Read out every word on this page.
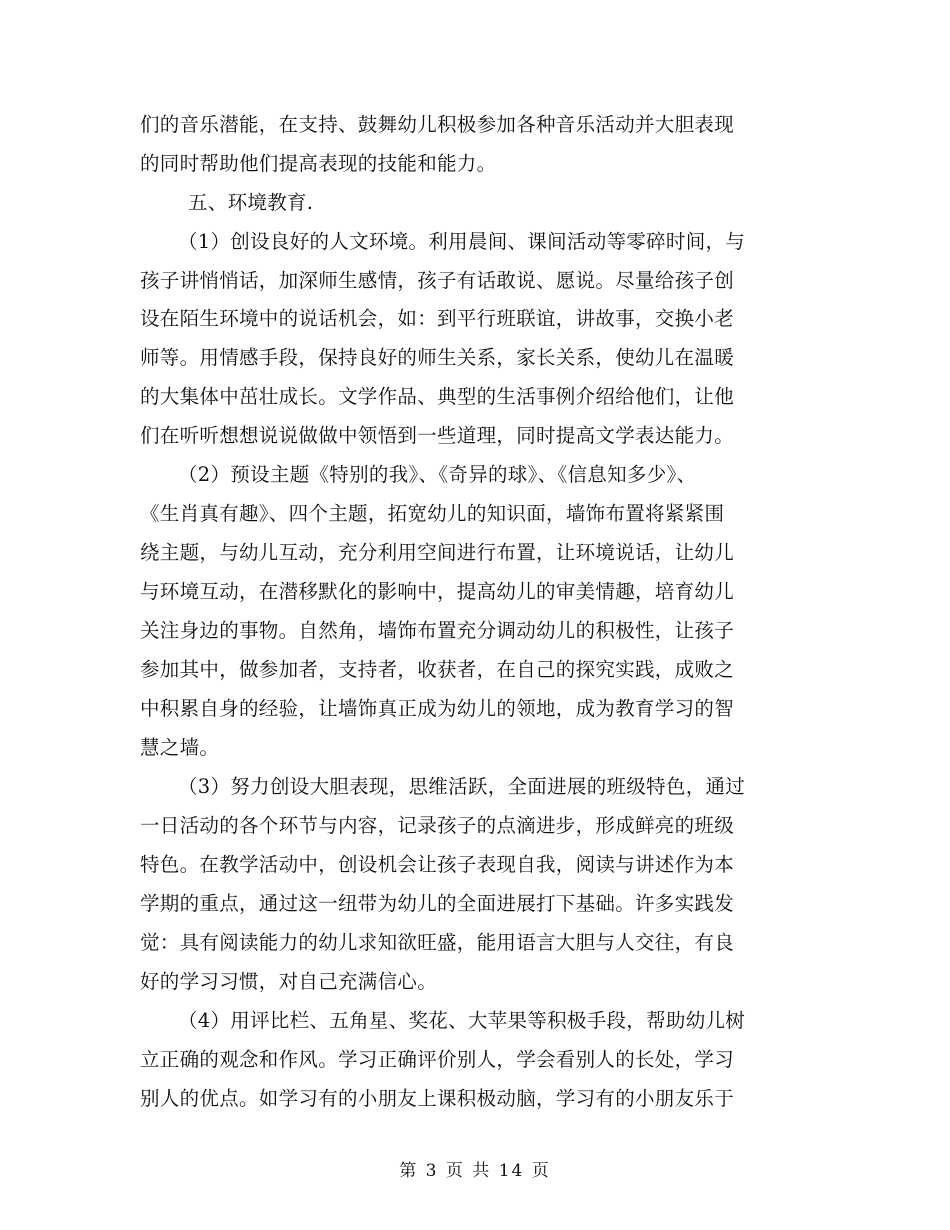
们的音乐潜能，在支持、鼓舞幼儿积极参加各种音乐活动并大胆表现
的同时帮助他们提高表现的技能和能力。
五、环境教育.
（1）创设良好的人文环境。利用晨间、课间活动等零碎时间，与
孩子讲悄悄话，加深师生感情，孩子有话敢说、愿说。尽量给孩子创
设在陌生环境中的说话机会，如：到平行班联谊，讲故事，交换小老
师等。用情感手段，保持良好的师生关系，家长关系，使幼儿在温暖
的大集体中茁壮成长。文学作品、典型的生活事例介绍给他们，让他
们在听听想想说说做做中领悟到一些道理，同时提高文学表达能力。
（2）预设主题《特别的我》、《奇异的球》、《信息知多少》、
《生肖真有趣》、四个主题，拓宽幼儿的知识面，墙饰布置将紧紧围
绕主题，与幼儿互动，充分利用空间进行布置，让环境说话，让幼儿
与环境互动，在潜移默化的影响中，提高幼儿的审美情趣，培育幼儿
关注身边的事物。自然角，墙饰布置充分调动幼儿的积极性，让孩子
参加其中，做参加者，支持者，收获者，在自己的探究实践，成败之
中积累自身的经验，让墙饰真正成为幼儿的领地，成为教育学习的智
慧之墙。
（3）努力创设大胆表现，思维活跃，全面进展的班级特色，通过
一日活动的各个环节与内容，记录孩子的点滴进步，形成鲜亮的班级
特色。在教学活动中，创设机会让孩子表现自我，阅读与讲述作为本
学期的重点，通过这一纽带为幼儿的全面进展打下基础。许多实践发
觉：具有阅读能力的幼儿求知欲旺盛，能用语言大胆与人交往，有良
好的学习习惯，对自己充满信心。
（4）用评比栏、五角星、奖花、大苹果等积极手段，帮助幼儿树
立正确的观念和作风。学习正确评价别人，学会看别人的长处，学习
别人的优点。如学习有的小朋友上课积极动脑，学习有的小朋友乐于
第 3 页 共 14 页
